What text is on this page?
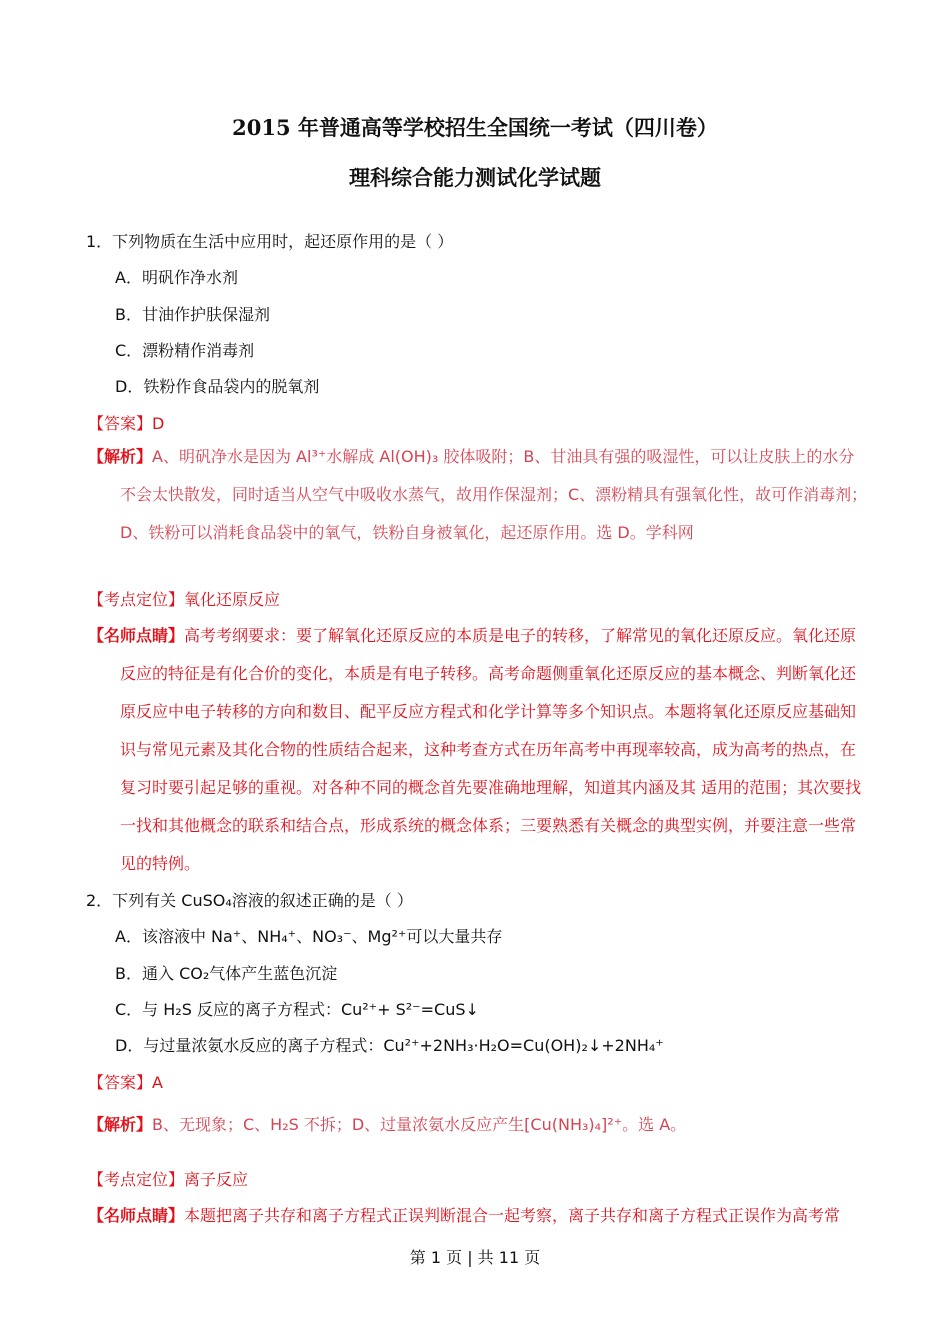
2015 年普通高等学校招生全国统一考试（四川卷）
理科综合能力测试化学试题
1．下列物质在生活中应用时，起还原作用的是（ ）
A．明矾作净水剂
B．甘油作护肤保湿剂
C．漂粉精作消毒剂
D．铁粉作食品袋内的脱氧剂
【答案】D
【解析】A、明矾净水是因为 Al³⁺水解成 Al(OH)₃ 胶体吸附；B、甘油具有强的吸湿性，可以让皮肤上的水分不会太快散发，同时适当从空气中吸收水蒸气，故用作保湿剂；C、漂粉精具有强氧化性，故可作消毒剂；D、铁粉可以消耗食品袋中的氧气，铁粉自身被氧化，起还原作用。选 D。学科网
【考点定位】氧化还原反应
【名师点睛】高考考纲要求：要了解氧化还原反应的本质是电子的转移，了解常见的氧化还原反应。氧化还原反应的特征是有化合价的变化，本质是有电子转移。高考命题侧重氧化还原反应的基本概念、判断氧化还原反应中电子转移的方向和数目、配平反应方程式和化学计算等多个知识点。本题将氧化还原反应基础知识与常见元素及其化合物的性质结合起来，这种考查方式在历年高考中再现率较高，成为高考的热点，在复习时要引起足够的重视。对各种不同的概念首先要准确地理解，知道其内涵及其 适用的范围；其次要找一找和其他概念的联系和结合点，形成系统的概念体系；三要熟悉有关概念的典型实例，并要注意一些常见的特例。
2．下列有关 CuSO₄溶液的叙述正确的是（ ）
A．该溶液中 Na⁺、NH₄⁺、NO₃⁻、Mg²⁺可以大量共存
B．通入 CO₂气体产生蓝色沉淀
C．与 H₂S 反应的离子方程式：Cu²⁺+ S²⁻=CuS↓
D．与过量浓氨水反应的离子方程式：Cu²⁺+2NH₃·H₂O=Cu(OH)₂↓+2NH₄⁺
【答案】A
【解析】B、无现象；C、H₂S 不拆；D、过量浓氨水反应产生[Cu(NH₃)₄]²⁺。选 A。
【考点定位】离子反应
【名师点睛】本题把离子共存和离子方程式正误判断混合一起考察，离子共存和离子方程式正误作为高考常
第 1 页 | 共 11 页
